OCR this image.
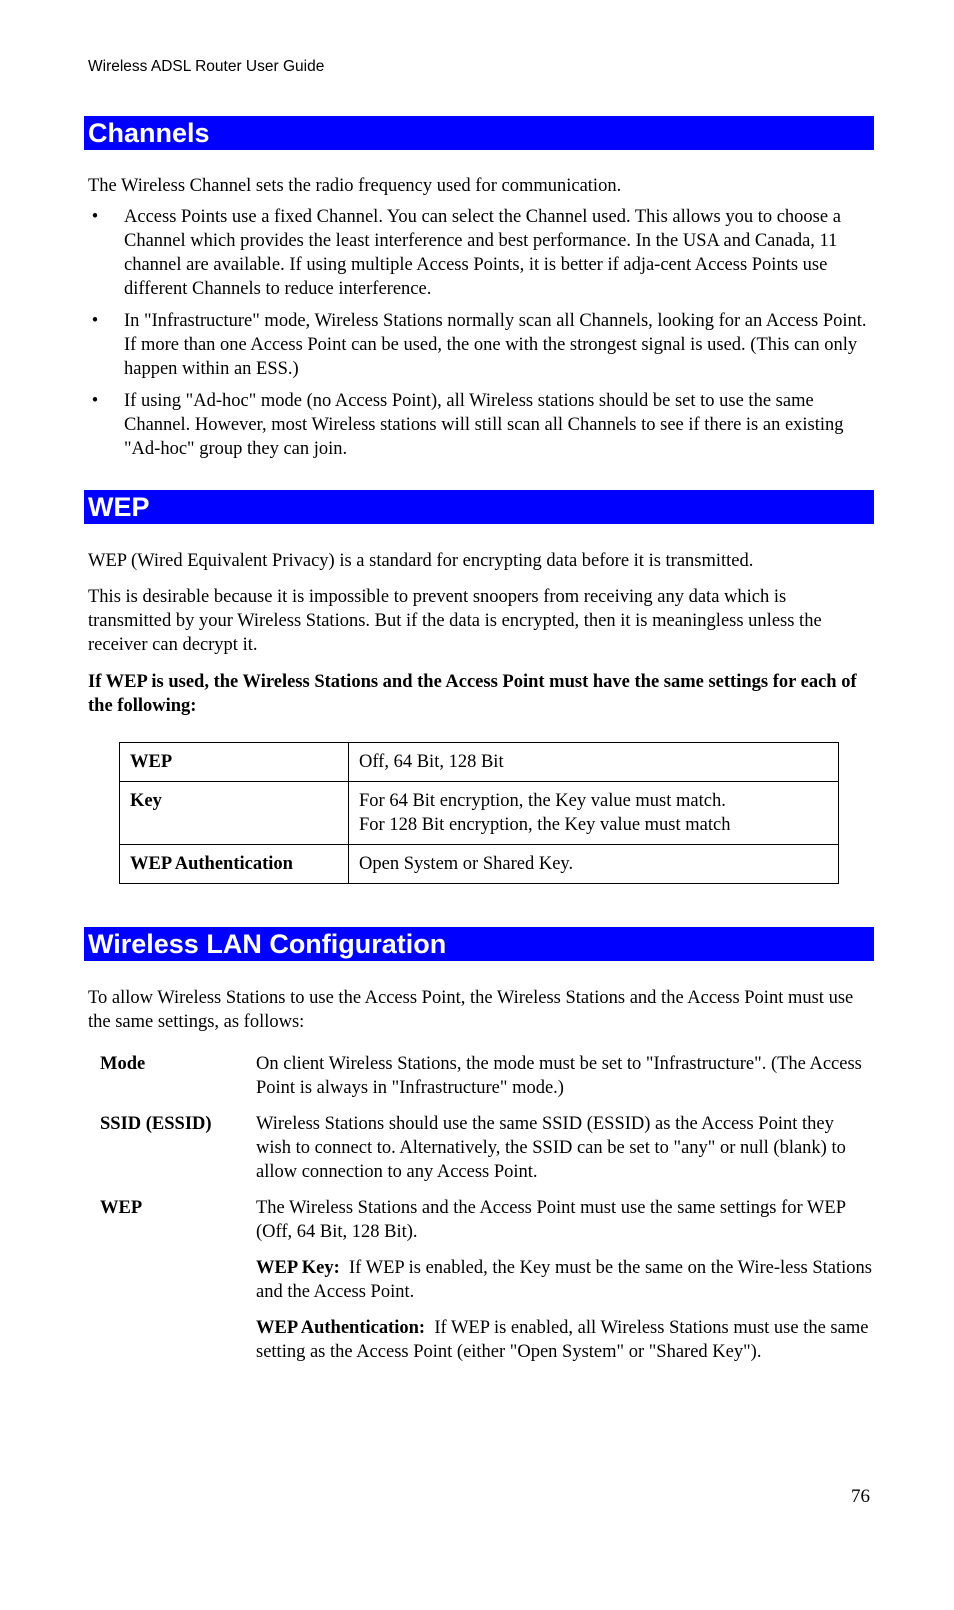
Wireless ADSL Router User Guide
Channels
The Wireless Channel sets the radio frequency used for communication.
• Access Points use a fixed Channel. You can select the Channel used. This allows you to choose a Channel which provides the least interference and best performance. In the USA and Canada, 11 channel are available. If using multiple Access Points, it is better if adja-cent Access Points use different Channels to reduce interference.
• In "Infrastructure" mode, Wireless Stations normally scan all Channels, looking for an Access Point. If more than one Access Point can be used, the one with the strongest signal is used. (This can only happen within an ESS.)
• If using "Ad-hoc" mode (no Access Point), all Wireless stations should be set to use the same Channel. However, most Wireless stations will still scan all Channels to see if there is an existing "Ad-hoc" group they can join.
WEP
WEP (Wired Equivalent Privacy) is a standard for encrypting data before it is transmitted.
This is desirable because it is impossible to prevent snoopers from receiving any data which is transmitted by your Wireless Stations. But if the data is encrypted, then it is meaningless unless the receiver can decrypt it.
If WEP is used, the Wireless Stations and the Access Point must have the same settings for each of the following:
WEP	Off, 64 Bit, 128 Bit
Key	For 64 Bit encryption, the Key value must match.
For 128 Bit encryption, the Key value must match

WEP Authentication	Open System or Shared Key.
Wireless LAN Configuration
To allow Wireless Stations to use the Access Point, the Wireless Stations and the Access Point must use the same settings, as follows:
Mode	On client Wireless Stations, the mode must be set to "Infrastructure". (The Access Point is always in "Infrastructure" mode.)
SSID (ESSID)	Wireless Stations should use the same SSID (ESSID) as the Access Point they wish to connect to. Alternatively, the SSID can be set to "any" or null (blank) to allow connection to any Access Point.
WEP	The Wireless Stations and the Access Point must use the same settings for WEP (Off, 64 Bit, 128 Bit).
WEP Key: If WEP is enabled, the Key must be the same on the Wire-less Stations and the Access Point.
WEP Authentication: If WEP is enabled, all Wireless Stations must use the same setting as the Access Point (either "Open System" or "Shared Key").
76
